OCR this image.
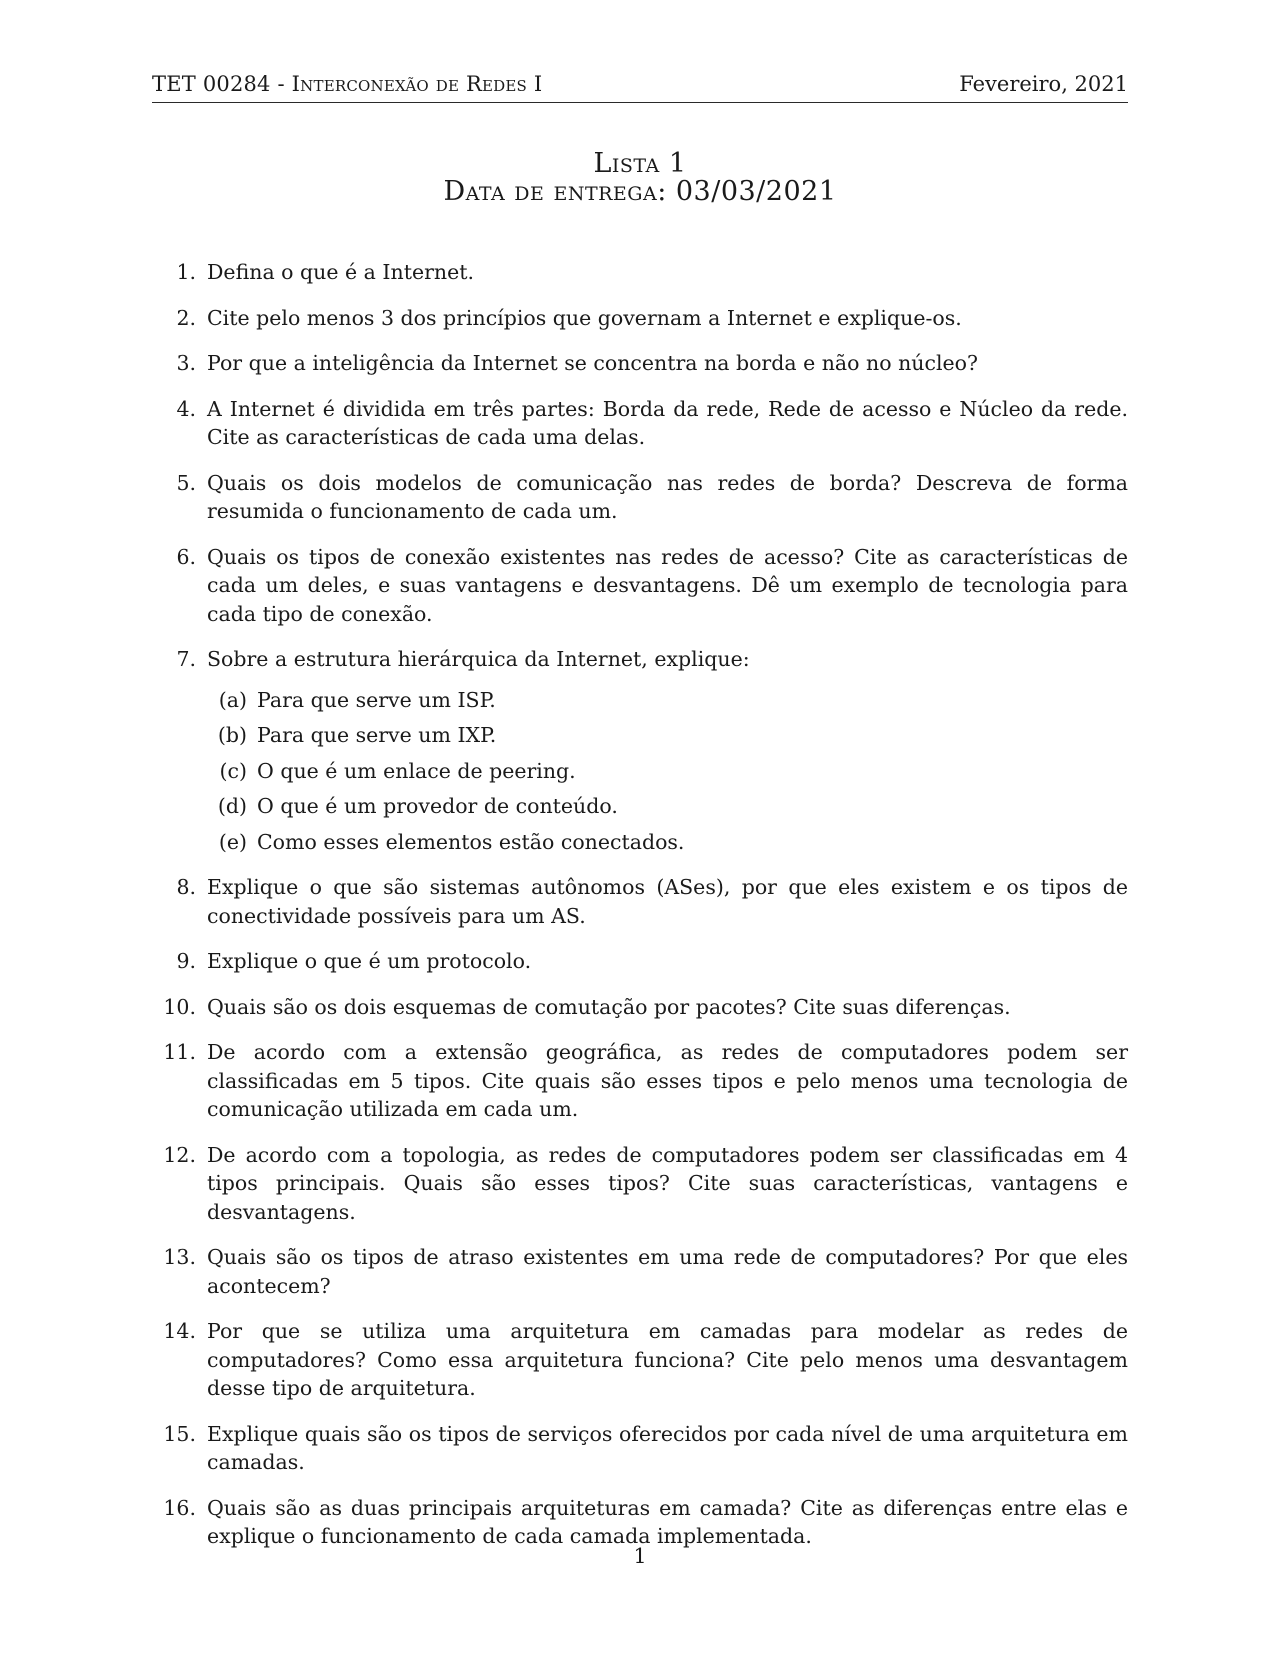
TET 00284 - Interconexão de Redes I	Fevereiro, 2021
Lista 1
Data de entrega: 03/03/2021
1. Defina o que é a Internet.
2. Cite pelo menos 3 dos princípios que governam a Internet e explique-os.
3. Por que a inteligência da Internet se concentra na borda e não no núcleo?
4. A Internet é dividida em três partes: Borda da rede, Rede de acesso e Núcleo da rede. Cite as características de cada uma delas.
5. Quais os dois modelos de comunicação nas redes de borda? Descreva de forma resumida o funcionamento de cada um.
6. Quais os tipos de conexão existentes nas redes de acesso? Cite as características de cada um deles, e suas vantagens e desvantagens. Dê um exemplo de tecnologia para cada tipo de conexão.
7. Sobre a estrutura hierárquica da Internet, explique:
(a) Para que serve um ISP.
(b) Para que serve um IXP.
(c) O que é um enlace de peering.
(d) O que é um provedor de conteúdo.
(e) Como esses elementos estão conectados.
8. Explique o que são sistemas autônomos (ASes), por que eles existem e os tipos de conectividade possíveis para um AS.
9. Explique o que é um protocolo.
10. Quais são os dois esquemas de comutação por pacotes? Cite suas diferenças.
11. De acordo com a extensão geográfica, as redes de computadores podem ser classificadas em 5 tipos. Cite quais são esses tipos e pelo menos uma tecnologia de comunicação utilizada em cada um.
12. De acordo com a topologia, as redes de computadores podem ser classificadas em 4 tipos principais. Quais são esses tipos? Cite suas características, vantagens e desvantagens.
13. Quais são os tipos de atraso existentes em uma rede de computadores? Por que eles acontecem?
14. Por que se utiliza uma arquitetura em camadas para modelar as redes de computadores? Como essa arquitetura funciona? Cite pelo menos uma desvantagem desse tipo de arquitetura.
15. Explique quais são os tipos de serviços oferecidos por cada nível de uma arquitetura em camadas.
16. Quais são as duas principais arquiteturas em camada? Cite as diferenças entre elas e explique o funcionamento de cada camada implementada.
1
